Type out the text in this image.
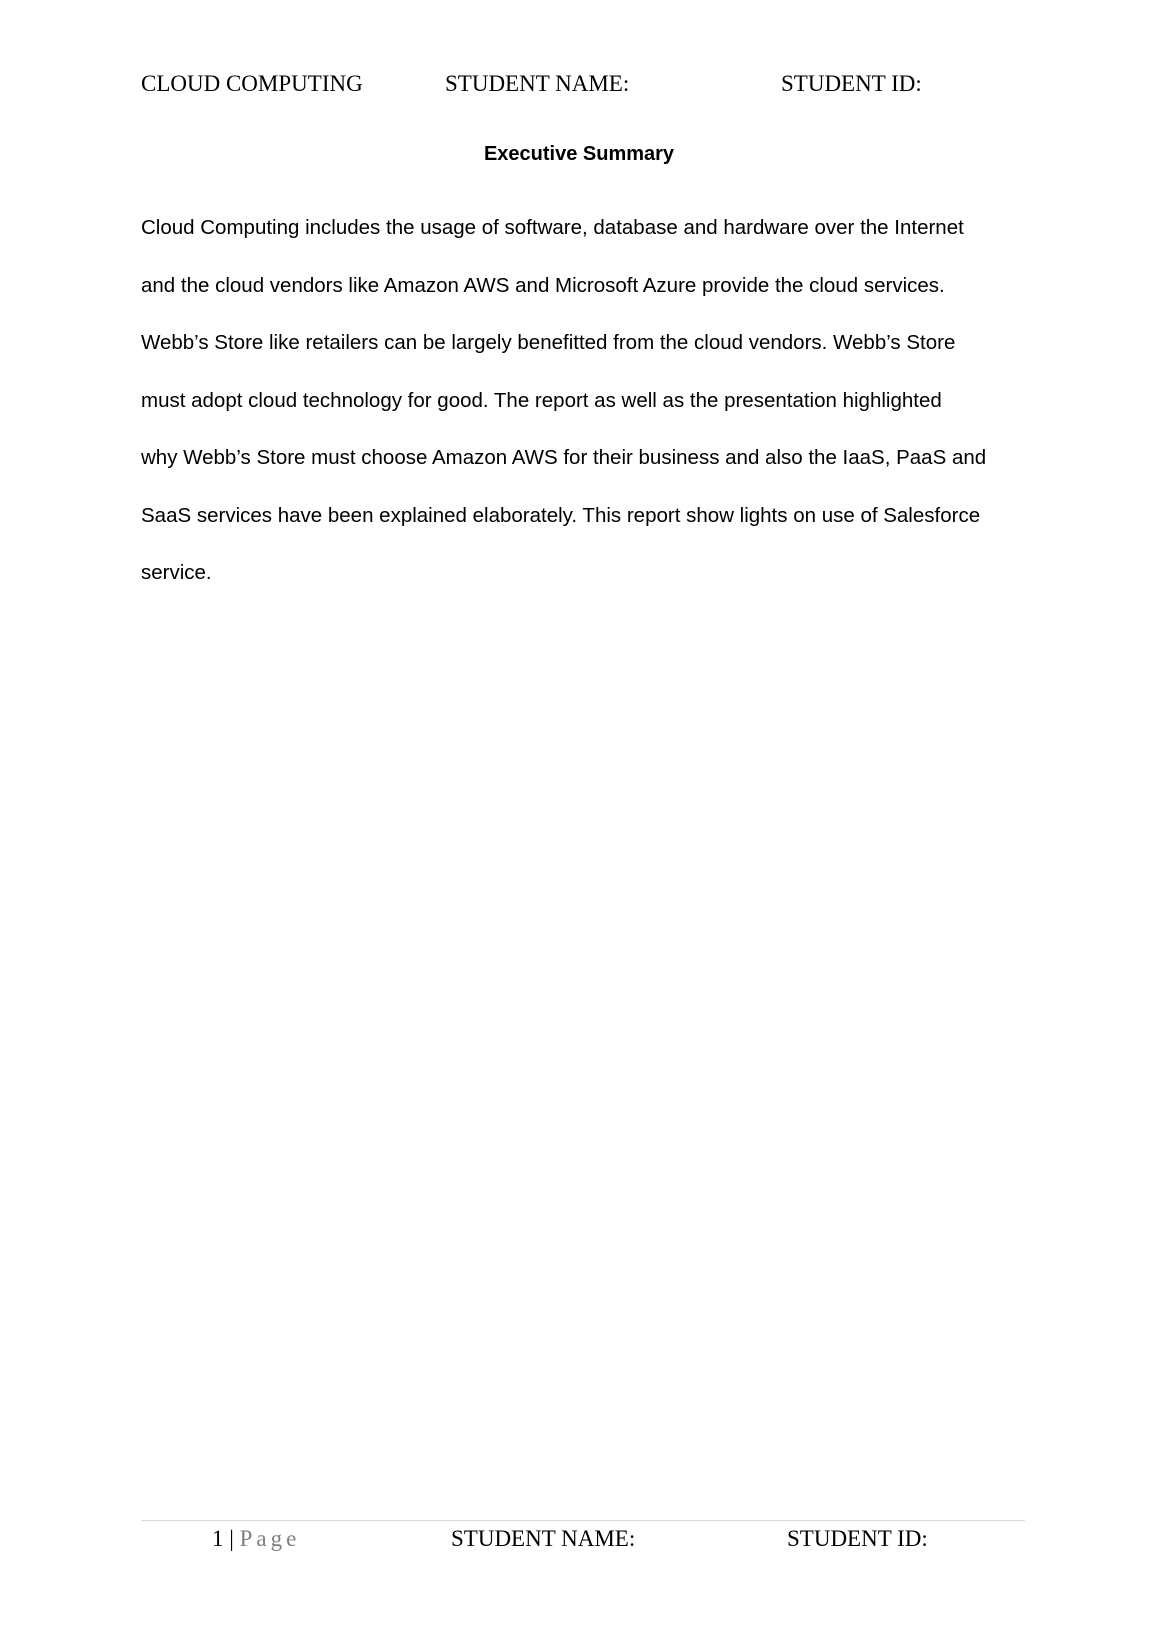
CLOUD COMPUTING	STUDENT NAME:	STUDENT ID:
Executive Summary
Cloud Computing includes the usage of software, database and hardware over the Internet
and the cloud vendors like Amazon AWS and Microsoft Azure provide the cloud services.
Webb’s Store like retailers can be largely benefitted from the cloud vendors. Webb’s Store
must adopt cloud technology for good. The report as well as the presentation highlighted
why Webb’s Store must choose Amazon AWS for their business and also the IaaS, PaaS and
SaaS services have been explained elaborately. This report show lights on use of Salesforce
service.
1 | Page	STUDENT NAME:	STUDENT ID:
